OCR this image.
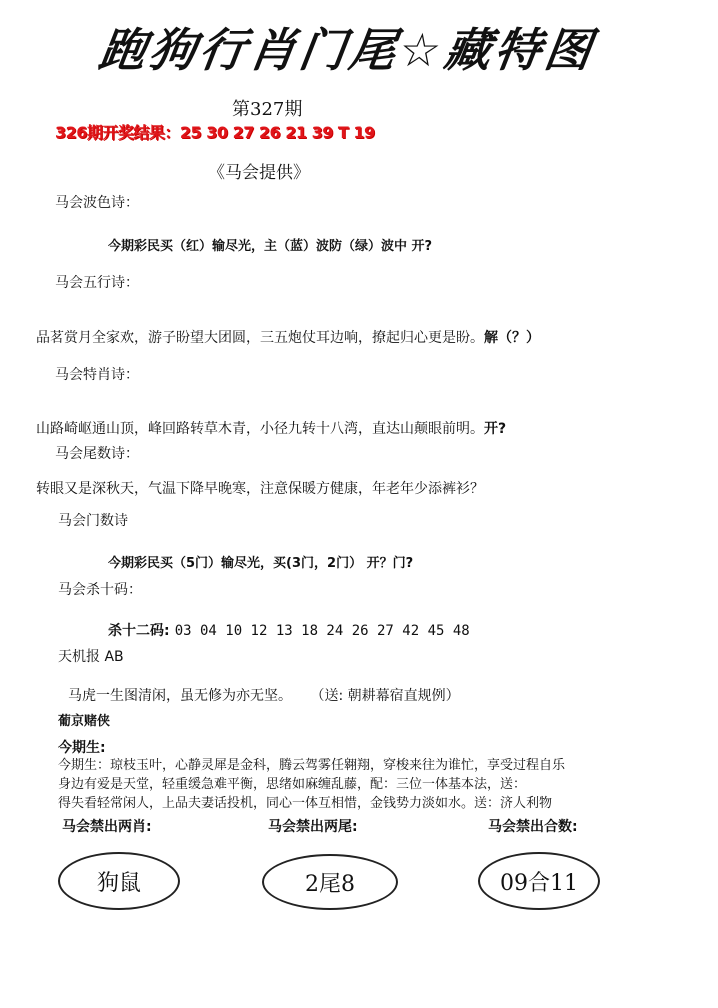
跑狗行肖门尾☆藏特图
第327期
326期开奖结果：25 30 27 26 21 39 T 19
《马会提供》
马会波色诗：
今期彩民买（红）输尽光，主（蓝）波防（绿）波中 开?
马会五行诗：
品茗赏月全家欢，游子盼望大团圆，三五炮仗耳边响，撩起归心更是盼。解（？）
马会特肖诗：
山路崎岖通山顶，峰回路转草木青，小径九转十八湾，直达山颠眼前明。开?
马会尾数诗：
转眼又是深秋天，气温下降早晚寒，注意保暖方健康，年老年少添裤衫？
马会门数诗
今期彩民买（5门）输尽光，买(3门，2门） 开？门?
马会杀十码：
杀十二码: 03 04 10 12 13 18 24 26 27 42 45 48
天机报 AB
马虎一生图清闲，虽无修为亦无坚。 （送: 朝耕幕宿直规例）
葡京赌侠
今期生:
今期生：琼枝玉叶，心静灵犀是金科，腾云驾雾任翱翔，穿梭来往为谁忙，享受过程自乐
身边有爱是天堂，轻重缓急难平衡，思绪如麻缠乱藤，配：三位一体基本法，送：
得失看轻常闲人，上品夫妻话投机，同心一体互相惜，金钱势力淡如水。送：济人利物
马会禁出两肖:	马会禁出两尾:	马会禁出合数:
狗鼠	2尾8	09合11
